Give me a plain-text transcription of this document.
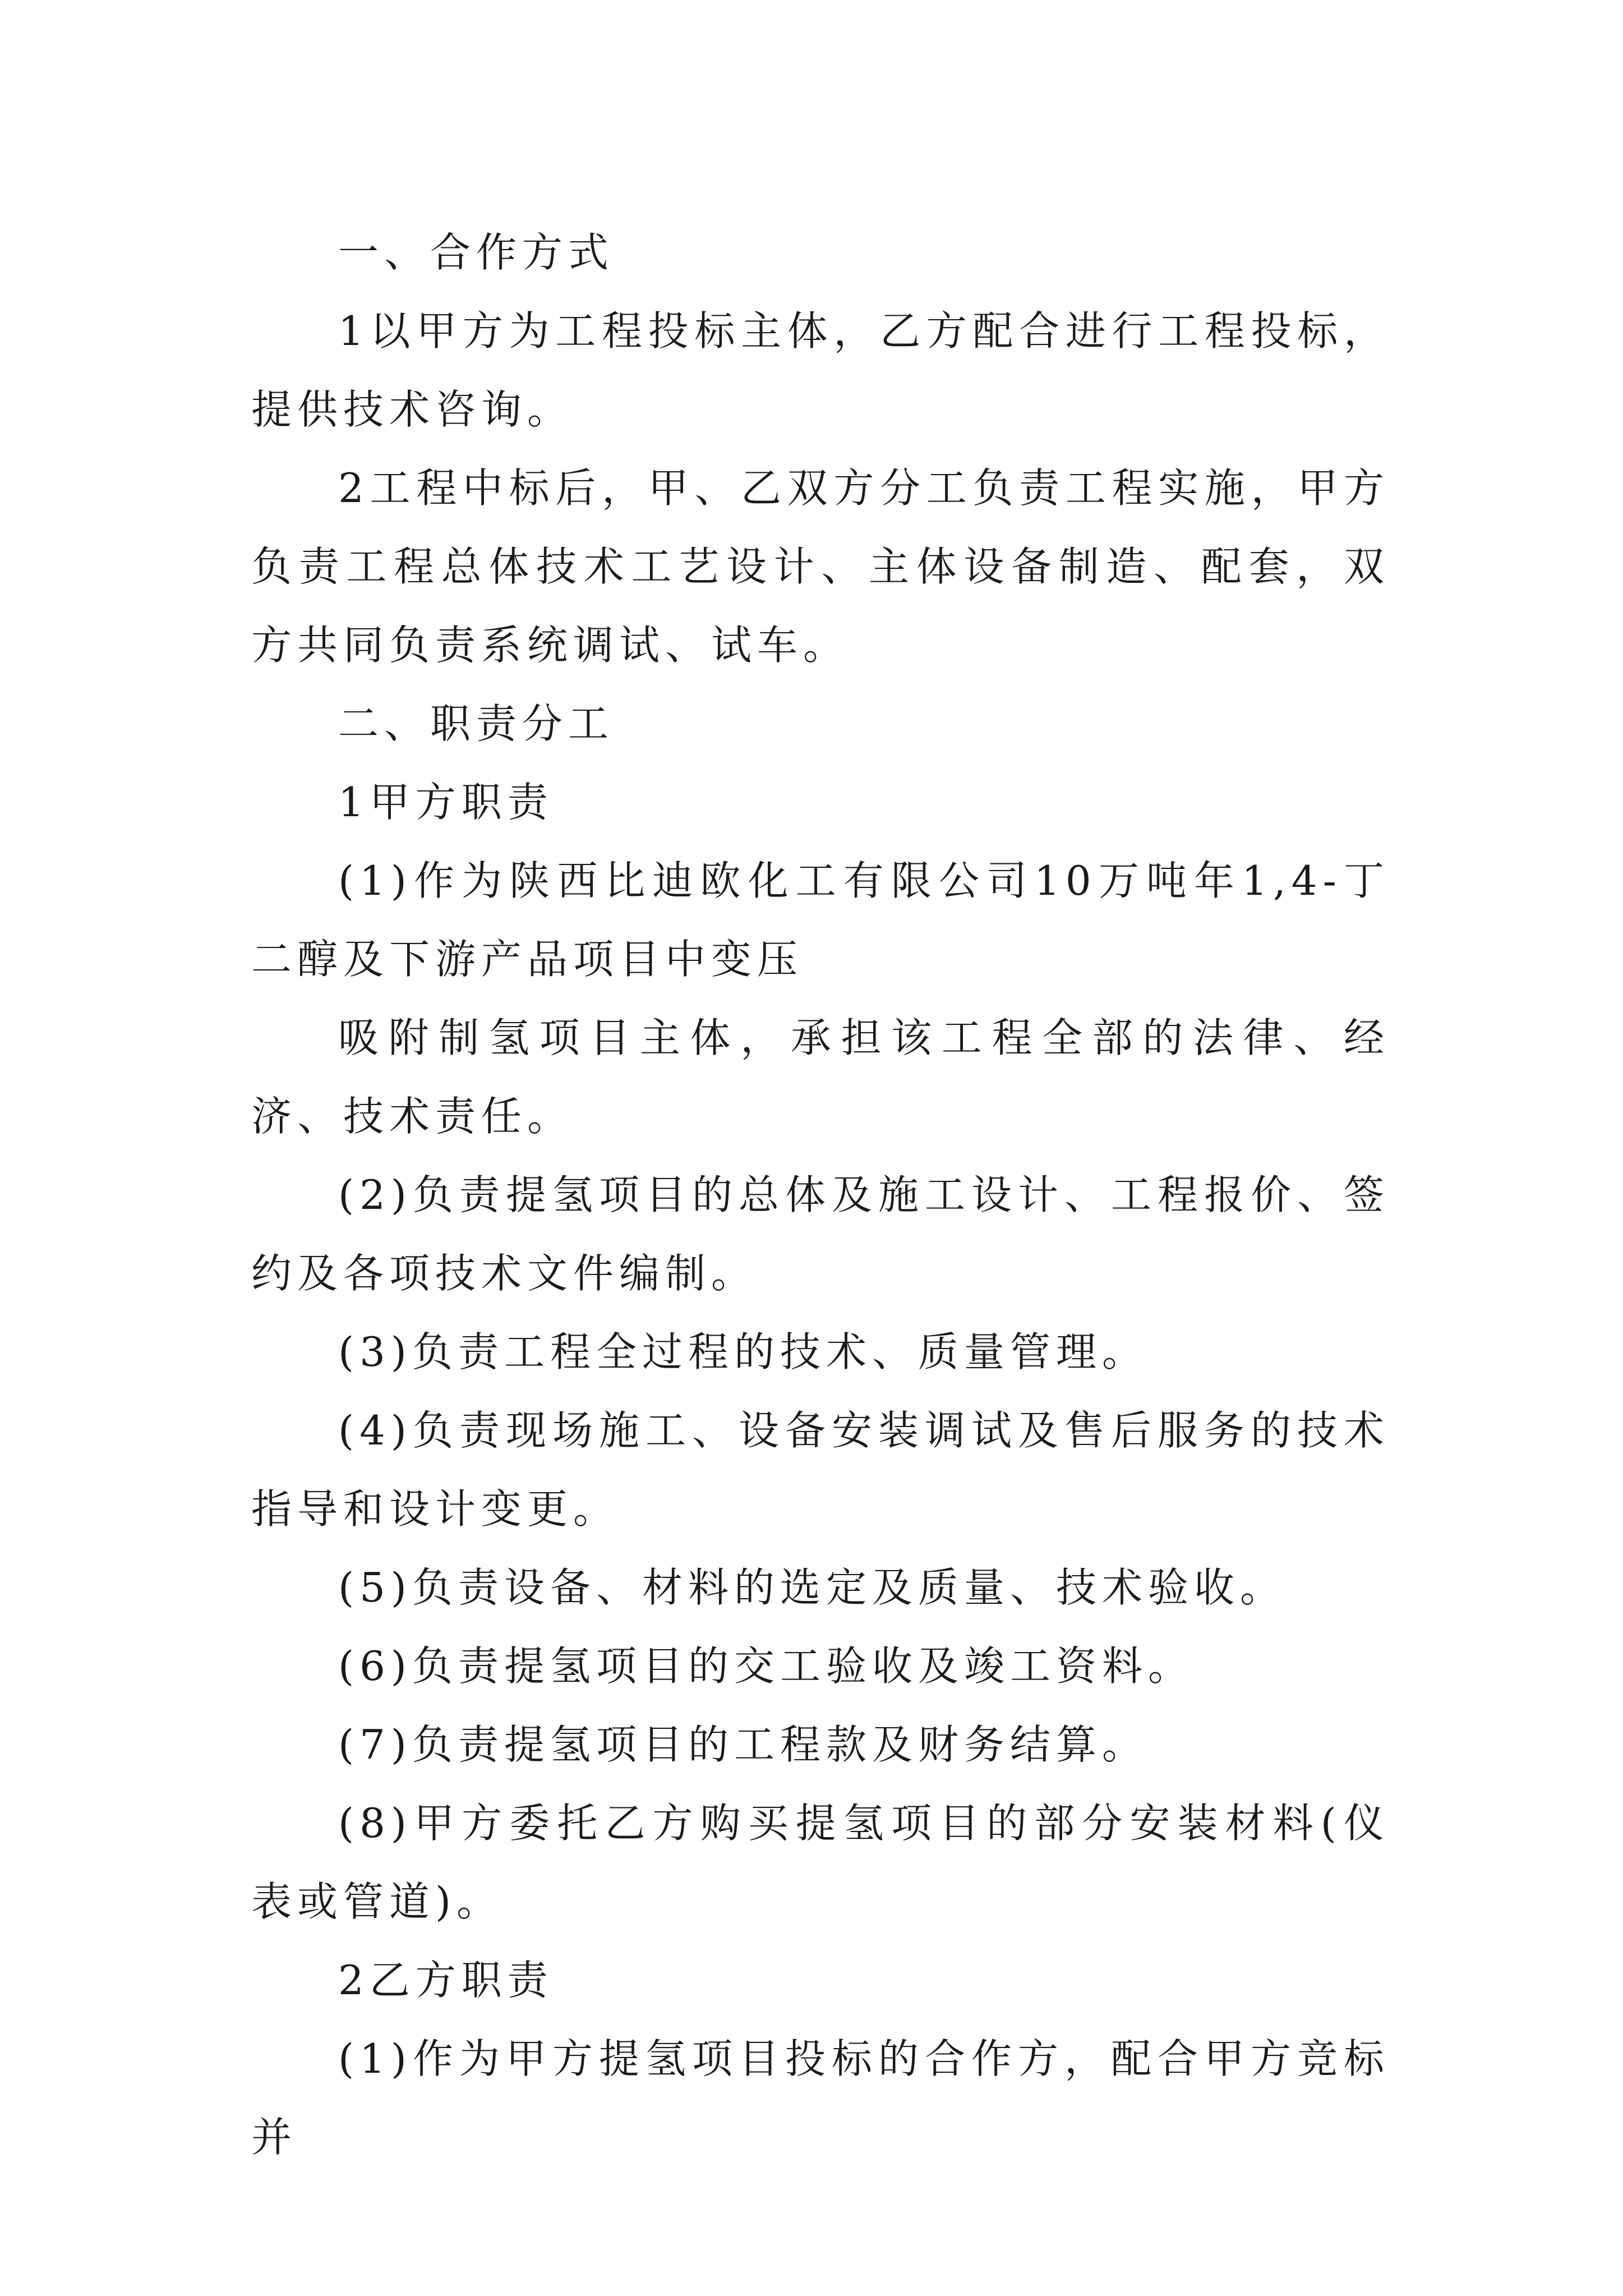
一、合作方式

1以甲方为工程投标主体，乙方配合进行工程投标，提供技术咨询。

2工程中标后，甲、乙双方分工负责工程实施，甲方负责工程总体技术工艺设计、主体设备制造、配套，双方共同负责系统调试、试车。

二、职责分工

1甲方职责

(1)作为陕西比迪欧化工有限公司10万吨年1,4-丁二醇及下游产品项目中变压

吸附制氢项目主体，承担该工程全部的法律、经济、技术责任。

(2)负责提氢项目的总体及施工设计、工程报价、签约及各项技术文件编制。

(3)负责工程全过程的技术、质量管理。

(4)负责现场施工、设备安装调试及售后服务的技术指导和设计变更。

(5)负责设备、材料的选定及质量、技术验收。

(6)负责提氢项目的交工验收及竣工资料。

(7)负责提氢项目的工程款及财务结算。

(8)甲方委托乙方购买提氢项目的部分安装材料(仪表或管道)。

2乙方职责

(1)作为甲方提氢项目投标的合作方，配合甲方竞标并
